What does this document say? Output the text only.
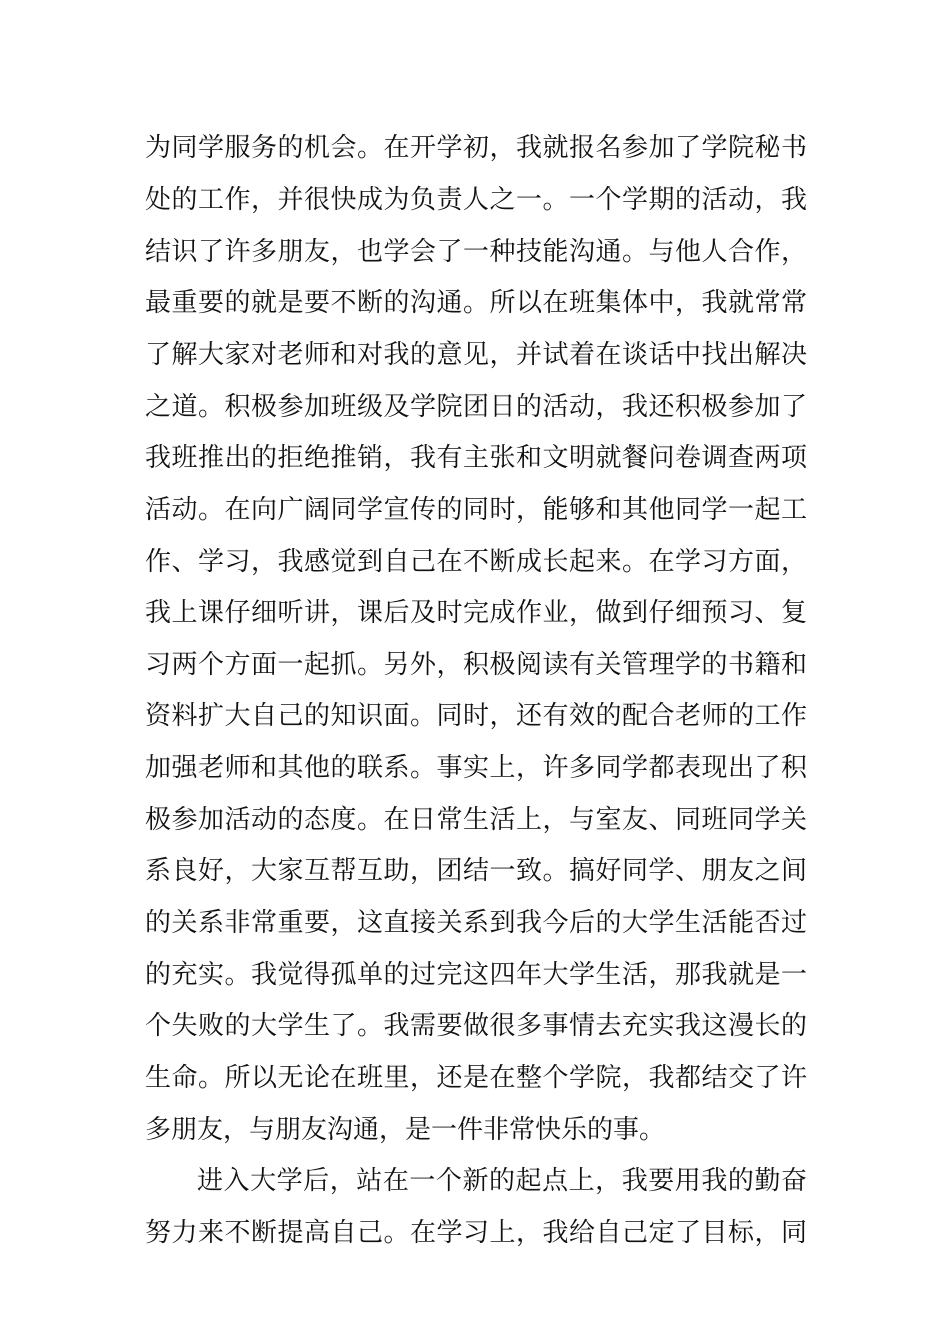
为同学服务的机会。在开学初，我就报名参加了学院秘书
处的工作，并很快成为负责人之一。一个学期的活动，我
结识了许多朋友，也学会了一种技能沟通。与他人合作，
最重要的就是要不断的沟通。所以在班集体中，我就常常
了解大家对老师和对我的意见，并试着在谈话中找出解决
之道。积极参加班级及学院团日的活动，我还积极参加了
我班推出的拒绝推销，我有主张和文明就餐问卷调查两项
活动。在向广阔同学宣传的同时，能够和其他同学一起工
作、学习，我感觉到自己在不断成长起来。在学习方面，
我上课仔细听讲，课后及时完成作业，做到仔细预习、复
习两个方面一起抓。另外，积极阅读有关管理学的书籍和
资料扩大自己的知识面。同时，还有效的配合老师的工作
加强老师和其他的联系。事实上，许多同学都表现出了积
极参加活动的态度。在日常生活上，与室友、同班同学关
系良好，大家互帮互助，团结一致。搞好同学、朋友之间
的关系非常重要，这直接关系到我今后的大学生活能否过
的充实。我觉得孤单的过完这四年大学生活，那我就是一
个失败的大学生了。我需要做很多事情去充实我这漫长的
生命。所以无论在班里，还是在整个学院，我都结交了许
多朋友，与朋友沟通，是一件非常快乐的事。
进入大学后，站在一个新的起点上，我要用我的勤奋
努力来不断提高自己。在学习上，我给自己定了目标，同
